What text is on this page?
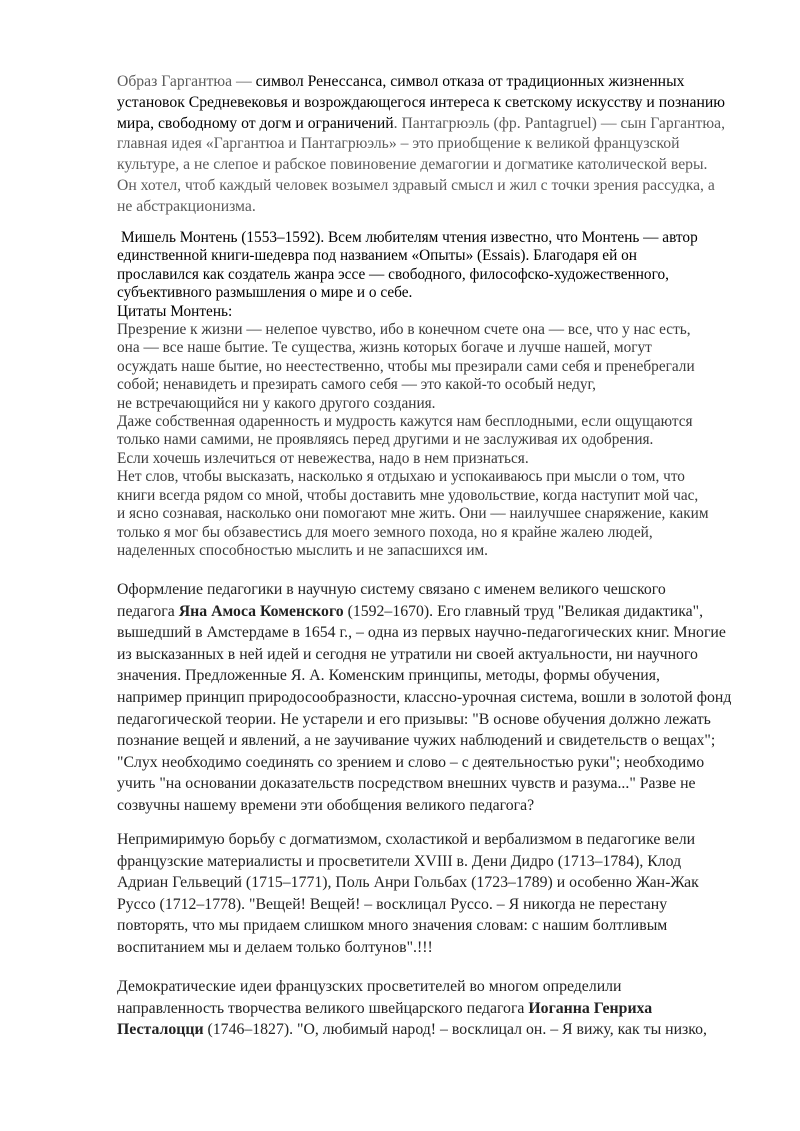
Образ Гаргантюа — символ Ренессанса, символ отказа от традиционных жизненных
установок Средневековья и возрождающегося интереса к светскому искусству и познанию
мира, свободному от догм и ограничений. Пантагрюэль (фр. Pantagruel) — сын Гаргантюа,
главная идея «Гаргантюа и Пантагрюэль» – это приобщение к великой французской
культуре, а не слепое и рабское повиновение демагогии и догматике католической веры.
Он хотел, чтоб каждый человек возымел здравый смысл и жил с точки зрения рассудка, а
не абстракционизма.

Мишель Монтень (1553–1592). Всем любителям чтения известно, что Монтень — автор
единственной книги-шедевра под названием «Опыты» (Essais). Благодаря ей он
прославился как создатель жанра эссе — свободного, философско-художественного,
субъективного размышления о мире и о себе.
Цитаты Монтень:
Презрение к жизни — нелепое чувство, ибо в конечном счете она — все, что у нас есть,
она — все наше бытие. Те существа, жизнь которых богаче и лучше нашей, могут
осуждать наше бытие, но неестественно, чтобы мы презирали сами себя и пренебрегали
собой; ненавидеть и презирать самого себя — это какой-то особый недуг,
не встречающийся ни у какого другого создания.
Даже собственная одаренность и мудрость кажутся нам бесплодными, если ощущаются
только нами самими, не проявляясь перед другими и не заслуживая их одобрения.
Если хочешь излечиться от невежества, надо в нем признаться.
Нет слов, чтобы высказать, насколько я отдыхаю и успокаиваюсь при мысли о том, что
книги всегда рядом со мной, чтобы доставить мне удовольствие, когда наступит мой час,
и ясно сознавая, насколько они помогают мне жить. Они — наилучшее снаряжение, каким
только я мог бы обзавестись для моего земного похода, но я крайне жалею людей,
наделенных способностью мыслить и не запасшихся им.

Оформление педагогики в научную систему связано с именем великого чешского
педагога Яна Амоса Коменского (1592–1670). Его главный труд "Великая дидактика",
вышедший в Амстердаме в 1654 г., – одна из первых научно-педагогических книг. Многие
из высказанных в ней идей и сегодня не утратили ни своей актуальности, ни научного
значения. Предложенные Я. А. Коменским принципы, методы, формы обучения,
например принцип природосообразности, классно-урочная система, вошли в золотой фонд
педагогической теории. Не устарели и его призывы: "В основе обучения должно лежать
познание вещей и явлений, а не заучивание чужих наблюдений и свидетельств о вещах";
"Слух необходимо соединять со зрением и слово – с деятельностью руки"; необходимо
учить "на основании доказательств посредством внешних чувств и разума..." Разве не
созвучны нашему времени эти обобщения великого педагога?

Непримиримую борьбу с догматизмом, схоластикой и вербализмом в педагогике вели
французские материалисты и просветители XVIII в. Дени Дидро (1713–1784), Клод
Адриан Гельвеций (1715–1771), Поль Анри Гольбах (1723–1789) и особенно Жан-Жак
Руссо (1712–1778). "Вещей! Вещей! – восклицал Руссо. – Я никогда не перестану
повторять, что мы придаем слишком много значения словам: с нашим болтливым
воспитанием мы и делаем только болтунов".!!!

Демократические идеи французских просветителей во многом определили
направленность творчества великого швейцарского педагога Иоганна Генриха
Песталоцци (1746–1827). "О, любимый народ! – восклицал он. – Я вижу, как ты низко,
